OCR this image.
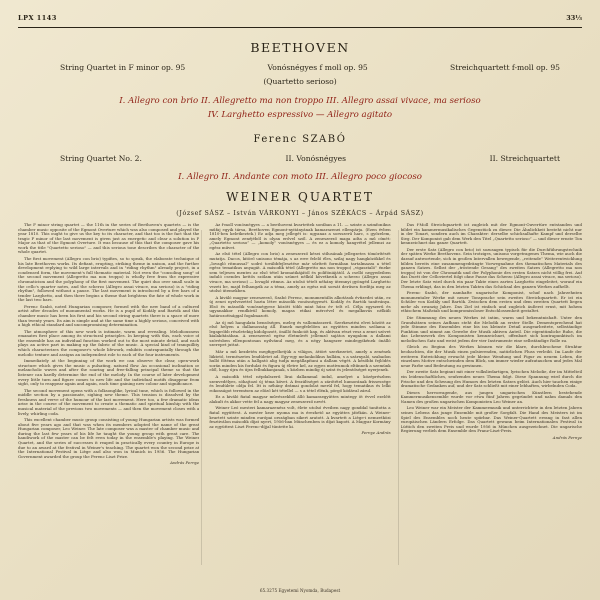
LPX 1143	33⅓
BEETHOVEN
String Quartet in F minor op. 95	Vonósnégyes f moll op. 95	Streichquartett f-moll op. 95
(Quartetto serioso)
I. Allegro con brio II. Allegretto ma non troppo III. Allegro assai vivace, ma serioso
IV. Larghetto espressivo — Allegro agitato
Ferenc SZABÓ
String Quartet No. 2.	II. Vonósnégyes	II. Streichquartett
I. Allegro II. Andante con moto III. Allegro poco giocoso
WEINER QUARTET
(József SÁSZ – István VÁRKONYI – János SZÉKÁCS – Árpád SÁSZ)

The F minor string quartet — the 11th in the series of Beethoven's quartets — is the chamber music opposite of the Egmont Overture which was also composed and played the year 1810. This ought to give us the key to its character, and that too is the fact that the tragic F minor of the last movement is given just as energetic and clear a solution in F Major as that of the Egmont Overture. It was because of this that the composer gave his work the title "Quartetto serioso" — and this serious tone describes the character of the whole quartet.

The first movement (Allegro con brio) typifies, so to speak, the elaborate technique of his late Beethoven works. Its defiant, erupting, striking theme in unison, and the further development replying to wild large intervals and in "riding rhythm" already project, in a condensed form, the movement's full thematic material. Not even the "consoling song" of the second movement (Allegretto ma non troppo) is wholly free from the expressive chromaticism and the polyphony of the first movement. The quiet duo over small scale in the cello's quarter notes, and the scherzo (Allegro assai vivace, ma serioso) is a "riding rhythm", followed without a pause. The last movement is introduced by a few bars of a tender Larghetto, and then there begins a theme that brightens the fate of whole work in the last two bars.

Ferenc Szabó, noted Hungarian composer, formed with the new band of a cultured artist after decades of monumental works. He is a pupil of Kodály and Bartók and this chamber music has been his first and his second string quartets there is a space of more than twenty years. Its aim is simple and at the same time a highly serious, conceived with a high ethical standard and uncompromising determination.

The atmosphere of this new work is intimate, warm and revealing. Melodiousness emanates first place among its structural principles. In keeping with this, each voice of the ensemble has an individual function worked out to the most minute detail, and each plays an active part in making up the fabric of the music. A special kind of tranquillity which characterizes the composer's whole lifework, exhibits contrapuntally through the melodic texture and assigns an independent role to each of the four instruments.

Immediately at the beginning of the work we can observe the clear, open-work structure which gives the music a pulsating, natural flow. An occasional inclination or melancholic waves and after the soaring and free-falling principal theme so that the listener can hardly determine the end of the melody. In the course of later development every little turn and figure comes to new life and the individual motifs disappear from sight, only to reappear again and again, each time gaining new colour and significance.

The second movement opens with a folksonglike, lyrical tune, which is followed in the middle section by a passionate, sighing new theme. This tension is dissolved by the freshness and verve of the humour of the last movement. Here too, a few dramatic ideas arise in the course of the movement to create a thematic and spiritual kinship with the musical material of the previous two movements — and then the movement closes with a lively, whirling coda.

This excellent chamber music group consisting of young Hungarian artists was formed about five years ago and that was when its members adopted the name of the great Hungarian composer, Leo Weiner. The late composer was a master of chamber music and during the last few years of his life he taught the young group with great care. The handiwork of the master can be felt even today in the ensemble's playing. The Weiner Quartet, and the series of successes it reaped in practically every country in Europe is due to an award at the festival in Weiner's teaching. The quartet won the second prize at the International Festival in Liège and also won in Munich in 1956. The Hungarian Government awarded the group the Ferenc Liszt Prize.

András Pernye

Az f-moll vonósnégyes — a beethoveni kvartettek sorában a 11. — szinte a szimfonikus műfaj egyik társa, Beethoven Egmont-nyitányának kamarazenei ellenpárja. (Ezen évben 1810-ben keletkeztek.) Ez adja meg jellegét is: ugyanaz a sorsszerű harc, s győzelem, amely Egmont zenéjéből is olyan erővel szól. A zeneszerző maga adta a mű címét: „Quartetto serioso” — „komoly” vonósnégyes — és ez a komoly hangvétel jellemzi az egész művet.

Az első tétel (Allegro con brio) a zeneszerző kései stílusának jellegzetes tömörítését mutatja. Dacos, kitörő unisono témája, s az erre felelő éles, szilaj nagy hangközökkel és „lovagló ritmussal” sodró továbbfejlesztése már sűrített formában tartalmazza a tétel egész tematikus anyagát. A második tétel (Allegretto ma non troppo) „vigasztaló” éneke sem teljesen mentes az első tétel kromatikájától és polifóniájától. A cselló negyedeiben induló csendes kettős szólam után szünet nélkül következik a scherzo (Allegro assai vivace, ma serioso) — lovagló ritmus. Az utolsó tételt néhány ütemnyi gyöngéd Larghetto vezeti be, majd felhangzik az a téma, amely az egész mű sorsát derűsen fordítja meg az utolsó ütemekben.

A kiváló magyar zeneszerző, Szabó Ferenc, monumentális alkotások évtizedei után, ez új zenei nyelvezettel hozta létre második vonósnégyesét. Kodály és Bartók tanítványa. Első és második vonósnégyese között több mint húsz év telt el. Célja egyszerű és ugyanakkor rendkívül komoly, magas etikai mércével és megalkuvás nélküli határozottsággal fogalmazott.

Az új mű hangulata bensőséges, meleg és vallomásszerű. Szerkesztési elvei között az első helyen a dallamosság áll. Ennek megfelelően az együttes minden szólama a legapróbb részletekig kidolgozott, önálló funkciót kap, és aktívan részt vesz a zenei szövet kialakításában. A zeneszerző egész életművét jellemző sajátos nyugalom a dallami szövésben ellenpontosan nyilvánul meg, és a négy hangszer mindegyikének önálló szerepet juttat.

Már a mű kezdetén megfigyelhetjük a világos, áttört szerkezetet, amely a zenének lüktető, természetes lendületet ad. Egy-egy melankolikus hullám, s a szárnyaló, szabadon hulló főtéma után a hallgató alig tudja megállapítani a dallam végét. A későbbi fejlődés során minden kis fordulat és figura új életre kel, az egyes motívumok eltűnnek a szemünk elől, hogy újra és újra felbukkanjanak, s közben mindig új színt és jelentőséget nyerjenek.

A második tétel népdalszerű lírai dallammal indul, amelyet a középrészben szenvedélyes, sóhajtozó új téma követ. A feszültséget a zárótétel humorának frissessége és lendülete oldja fel. Itt is néhány drámai gondolat merül fel, hogy tematikus és lelki rokonságot teremtsen az előző két tétellel — s a tétel élénk, pörgő kódával zárul.

Ez a kiváló fiatal magyar művészekből álló kamaraegyüttes mintegy öt évvel ezelőtt alakult és akkor vette fel a nagy magyar zeneszerző nevét.

Weiner Leó mesteri kamarazenész volt, élete utolsó éveiben nagy gonddal tanította a fiatal együttest. A mester keze nyoma ma is érezhető az együttes játékán. A Weiner-kvartett szinte minden európai országban sikert aratott. A kvartett a Liège-i nemzetközi fesztiválon második díjat nyert, 1956-ban Münchenben is díjat kapott. A Magyar Kormány az együttest Liszt Ferenc-díjjal tüntette ki.

Pernye András

Das f-Moll Streichquartett ist zugleich mit der Egmont-Ouvertüre entstanden und bildet ein kammermusikalisches Gegenstück zu dieser. Die Ähnlichkeit besteht nicht nur in der Tonart, sondern auch im Charakter: derselbe schicksalhafte Kampf und derselbe Sieg. Der Komponist gab dem Werk den Titel „Quartetto serioso” — und dieser ernste Ton kennzeichnet das ganze Quartett.

Der erste Satz (Allegro con brio) ist sozusagen typisch für die Durchführungstechnik der späten Werke Beethovens. Sein trotziges, unisono vorgetragenes Thema, wie auch die darauf antwortende, sich in großen Intervallen bewegende, „reitende” Weiterentwicklung bilden bereits eine zusammengedrängte Vorwegnahme des thematischen Materials des ganzen Satzes. Selbst der „tröstende Gesang” des zweiten Satzes (Allegretto ma non troppo) ist von der Chromatik und der Polyphonie des ersten Satzes nicht völlig frei. Auf das Duett der Celloviertel folgt ohne Pause das Scherzo (Allegro assai vivace, ma serioso). Der letzte Satz wird durch ein paar Takte eines zarten Larghetto eingeleitet, worauf ein Thema erklingt, das in den letzten Takten das Schicksal des ganzen Werkes aufhellt.

Ferenc Szabó, der namhafte ungarische Komponist, schuf nach Jahrzehnten monumentaler Werke mit neuer Tonsprache sein zweites Streichquartett. Er ist ein Schüler von Kodály und Bartók. Zwischen dem ersten und dem zweiten Quartett liegen mehr als zwanzig Jahre. Das Ziel ist einfach und zugleich äußerst ernst, mit hohem ethischem Maßstab und kompromissloser Entschlossenheit gestaltet.

Die Stimmung des neuen Werkes ist intim, warm und bekenntnishaft. Unter den Grundsätzen seines Aufbaus steht die Melodik an erster Stelle. Dementsprechend hat jede Stimme des Ensembles eine bis ins kleinste Detail ausgearbeitete, selbständige Funktion und nimmt am Gewebe der Musik aktiven Anteil. Die eigentümliche Ruhe, die das Lebenswerk des Komponisten kennzeichnet, offenbart sich kontrapunktisch im melodischen Satz und weist jedem der vier Instrumente eine selbständige Rolle zu.

Gleich zu Beginn des Werkes können wir die klare, durchbrochene Struktur beobachten, die der Musik einen pulsierenden, natürlichen Fluss verleiht. Im Laufe der weiteren Entwicklung erwacht jede kleine Wendung und Figur zu neuem Leben, die einzelnen Motive entschwinden dem Blick, um immer wieder aufzutauchen und jedes Mal neue Farbe und Bedeutung zu gewinnen.

Der zweite Satz beginnt mit einer volksliedartigen, lyrischen Melodie, der im Mittelteil ein leidenschaftliches, seufzendes neues Thema folgt. Diese Spannung wird durch die Frische und den Schwung des Humors des letzten Satzes gelöst. Auch hier tauchen einige dramatische Gedanken auf, und der Satz schließt mit einer lebhaften, wirbelnden Coda.

Dieses hervorragende, aus jungen ungarischen Künstlern bestehende Kammermusikensemble wurde vor etwa fünf Jahren gegründet und nahm damals den Namen des großen ungarischen Komponisten Leo Weiner an.

Leo Weiner war ein Meister der Kammermusik und unterrichtete in den letzten Jahren seines Lebens das junge Ensemble mit großer Sorgfalt. Die Hand des Meisters ist im Spiel des Ensembles noch heute spürbar. Das Weiner-Quartett errang in fast allen europäischen Ländern Erfolge. Das Quartett gewann beim Internationalen Festival in Lüttich den zweiten Preis und wurde 1956 in München ausgezeichnet. Die ungarische Regierung verlieh dem Ensemble den Franz-Liszt-Preis.

András Pernye

65.3275 Egyetemi Nyomda, Budapest
